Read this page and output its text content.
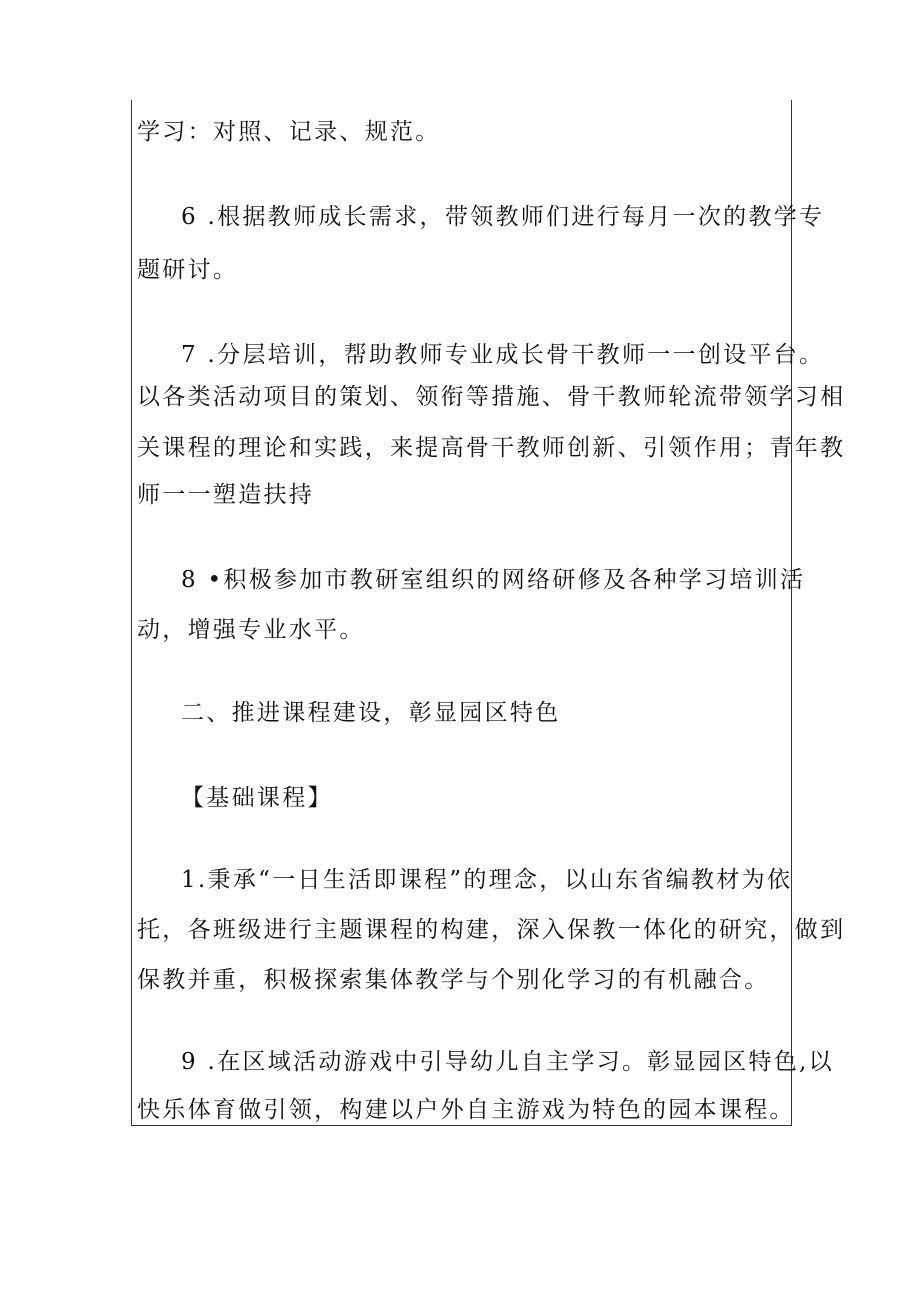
学习：对照、记录、规范。
6 .根据教师成长需求，带领教师们进行每月一次的教学专
题研讨。
7 .分层培训，帮助教师专业成长骨干教师一一创设平台。
以各类活动项目的策划、领衔等措施、骨干教师轮流带领学习相
关课程的理论和实践，来提高骨干教师创新、引领作用；青年教
师一一塑造扶持
8 •积极参加市教研室组织的网络研修及各种学习培训活
动，增强专业水平。
二、推进课程建设，彰显园区特色
【基础课程】
1.秉承“一日生活即课程”的理念，以山东省编教材为依
托，各班级进行主题课程的构建，深入保教一体化的研究，做到
保教并重，积极探索集体教学与个别化学习的有机融合。
9 .在区域活动游戏中引导幼儿自主学习。彰显园区特色,以
快乐体育做引领，构建以户外自主游戏为特色的园本课程。
